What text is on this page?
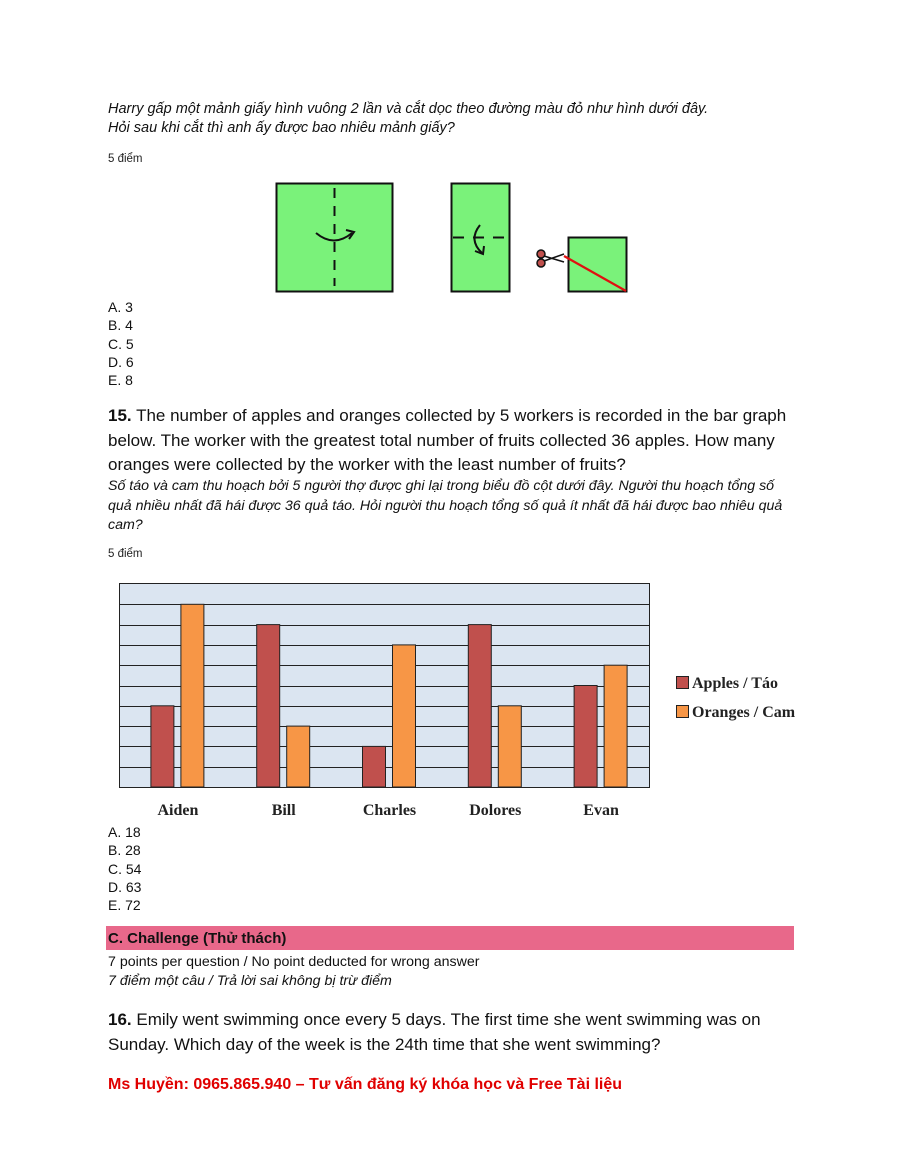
Harry gấp một mảnh giấy hình vuông 2 lần và cắt dọc theo đường màu đỏ như hình dưới đây.
Hỏi sau khi cắt thì anh ấy được bao nhiêu mảnh giấy?
5 điểm
A. 3
B. 4
C. 5
D. 6
E. 8
15. The number of apples and oranges collected by 5 workers is recorded in the bar graph below. The worker with the greatest total number of fruits collected 36 apples. How many oranges were collected by the worker with the least number of fruits?
Số táo và cam thu hoạch bởi 5 người thợ được ghi lại trong biểu đồ cột dưới đây. Người thu hoạch tổng số quả nhiều nhất đã hái được 36 quả táo. Hỏi người thu hoạch tổng số quả ít nhất đã hái được bao nhiêu quả cam?
5 điểm
Aiden	Bill	Charles	Dolores	Evan
Apples / Táo
Oranges / Cam
A. 18
B. 28
C. 54
D. 63
E. 72
C. Challenge (Thử thách)
7 points per question / No point deducted for wrong answer
7 điểm một câu / Trả lời sai không bị trừ điểm
16. Emily went swimming once every 5 days. The first time she went swimming was on Sunday. Which day of the week is the 24th time that she went swimming?
Ms Huyền: 0965.865.940 – Tư vấn đăng ký khóa học và Free Tài liệu
